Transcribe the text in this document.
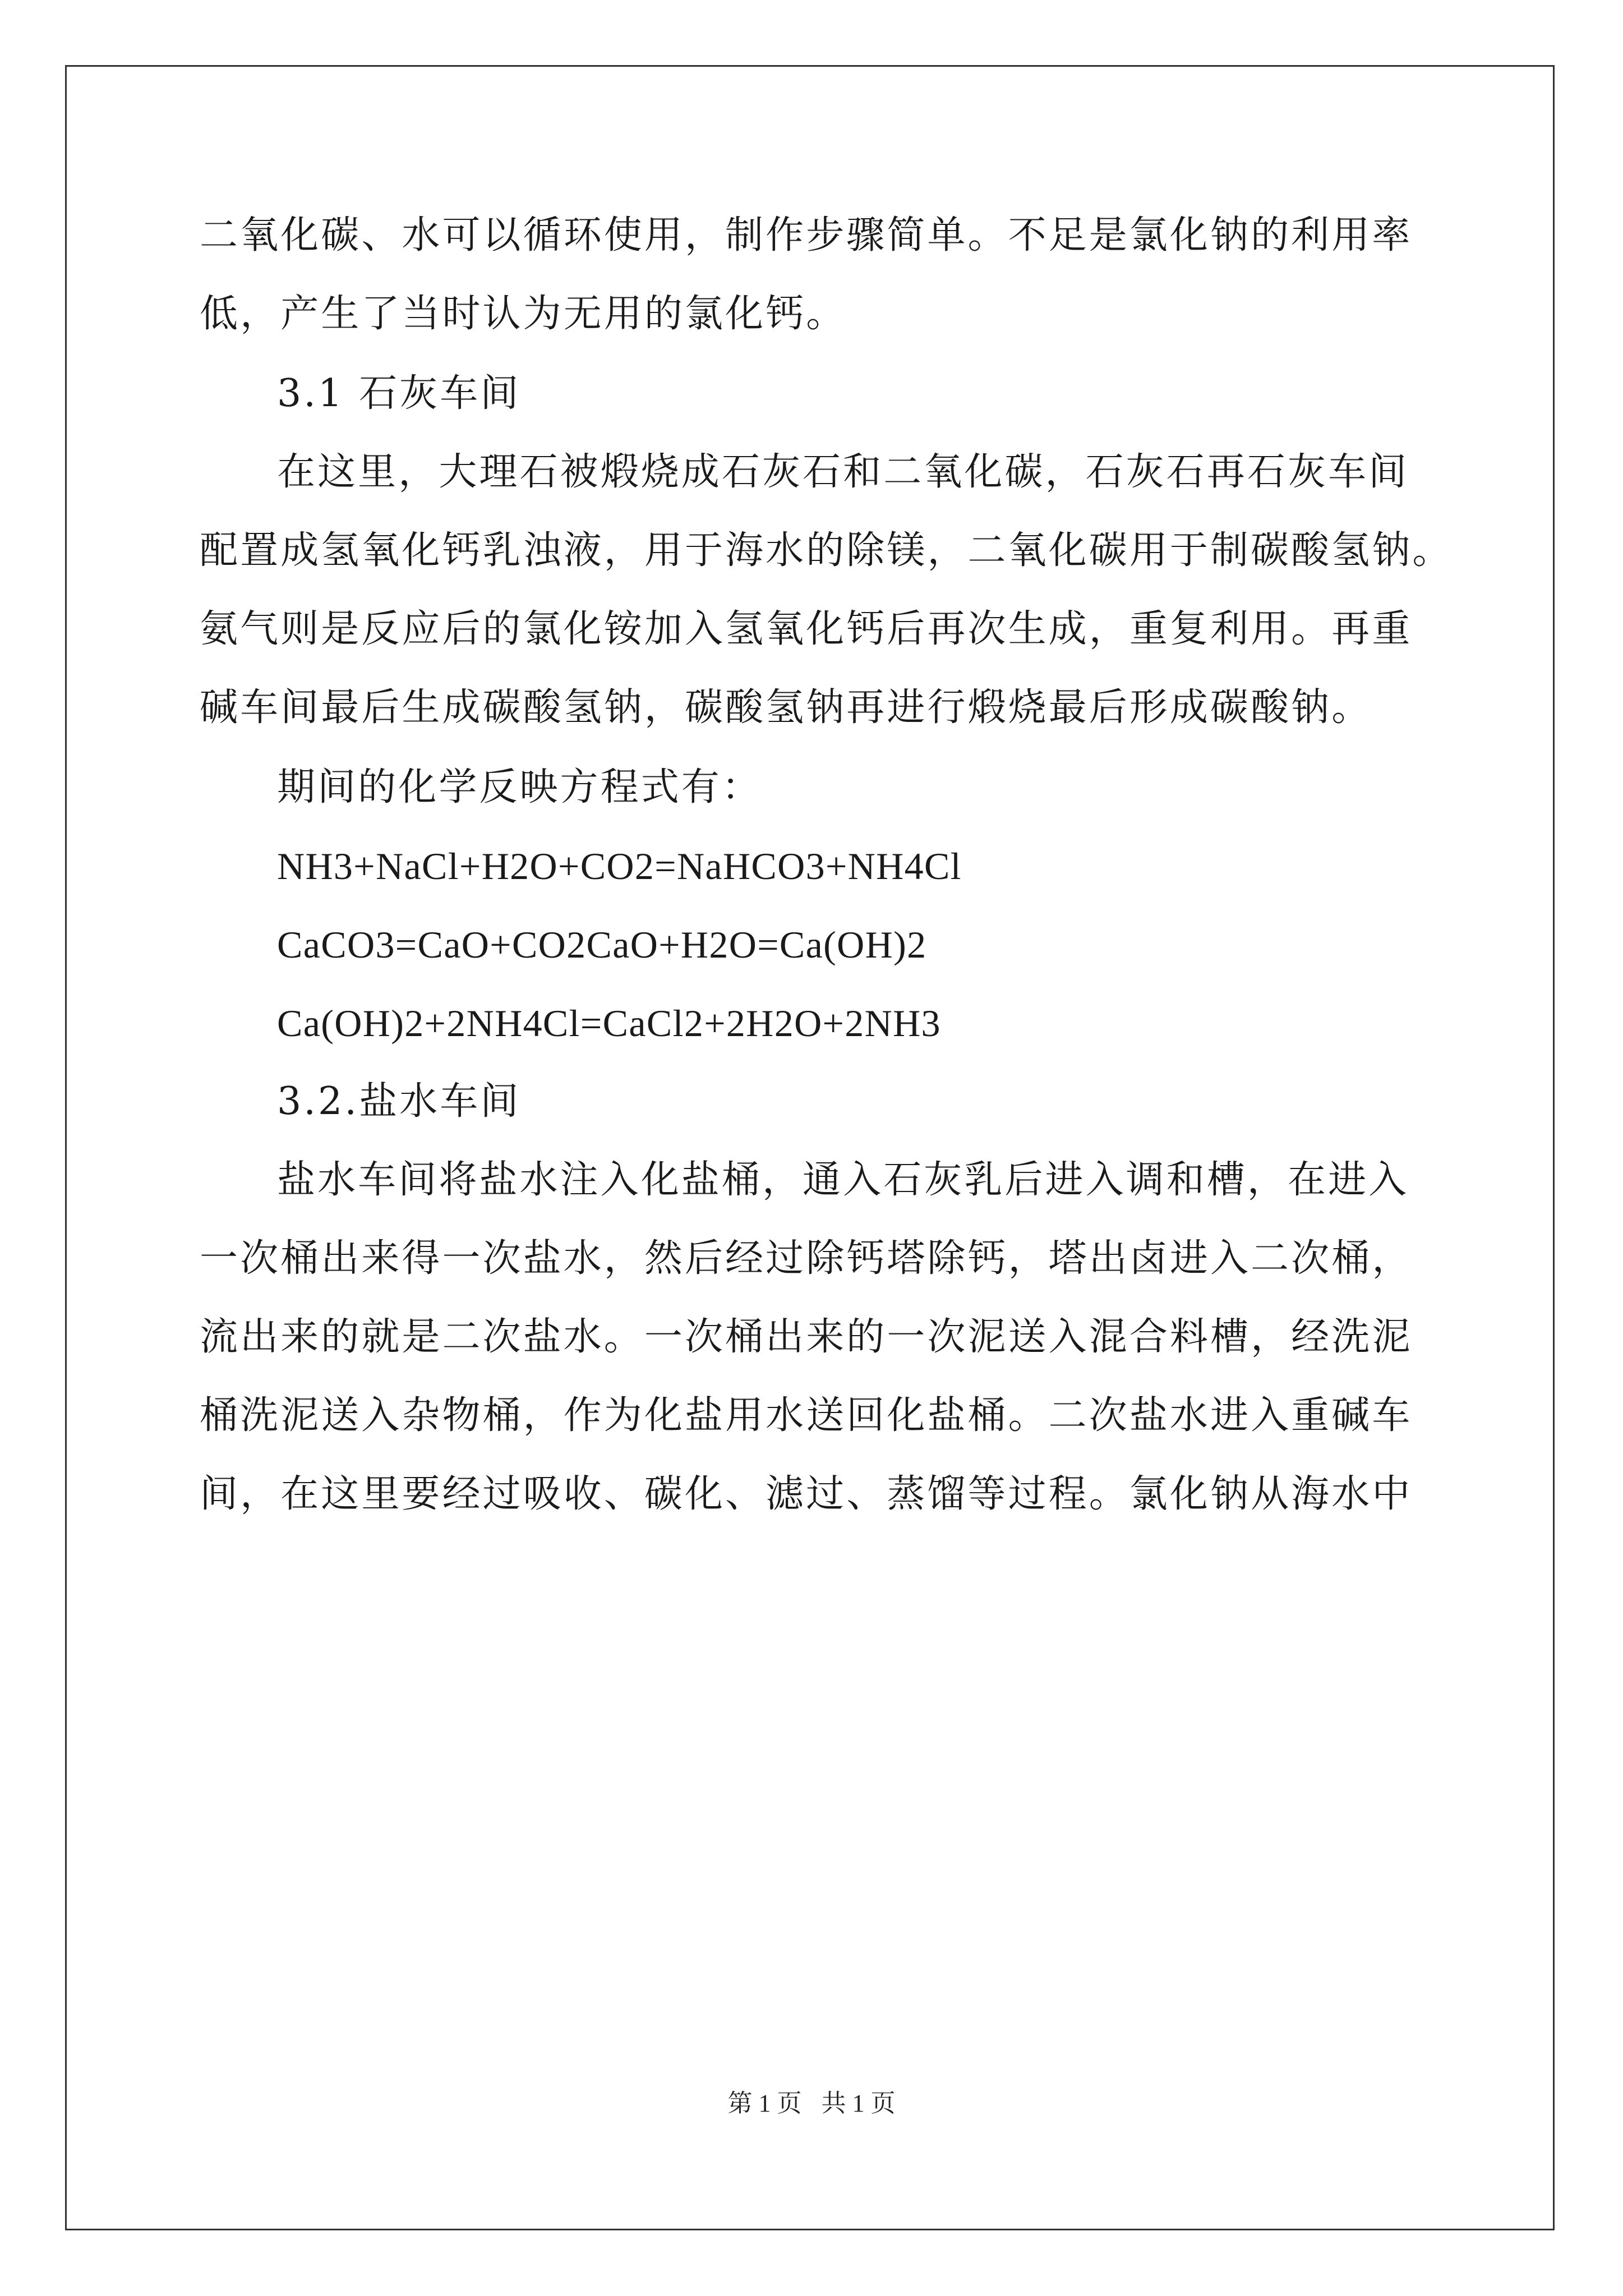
二氧化碳、水可以循环使用，制作步骤简单。不足是氯化钠的利用率
低，产生了当时认为无用的氯化钙。
3.1 石灰车间
在这里，大理石被煅烧成石灰石和二氧化碳，石灰石再石灰车间
配置成氢氧化钙乳浊液，用于海水的除镁，二氧化碳用于制碳酸氢钠。
氨气则是反应后的氯化铵加入氢氧化钙后再次生成，重复利用。再重
碱车间最后生成碳酸氢钠，碳酸氢钠再进行煅烧最后形成碳酸钠。
期间的化学反映方程式有：
NH3+NaCl+H2O+CO2=NaHCO3+NH4Cl
CaCO3=CaO+CO2CaO+H2O=Ca(OH)2
Ca(OH)2+2NH4Cl=CaCl2+2H2O+2NH3
3.2.盐水车间
盐水车间将盐水注入化盐桶，通入石灰乳后进入调和槽，在进入
一次桶出来得一次盐水，然后经过除钙塔除钙，塔出卤进入二次桶，
流出来的就是二次盐水。一次桶出来的一次泥送入混合料槽，经洗泥
桶洗泥送入杂物桶，作为化盐用水送回化盐桶。二次盐水进入重碱车
间，在这里要经过吸收、碳化、滤过、蒸馏等过程。氯化钠从海水中
第 1 页 共 1 页
